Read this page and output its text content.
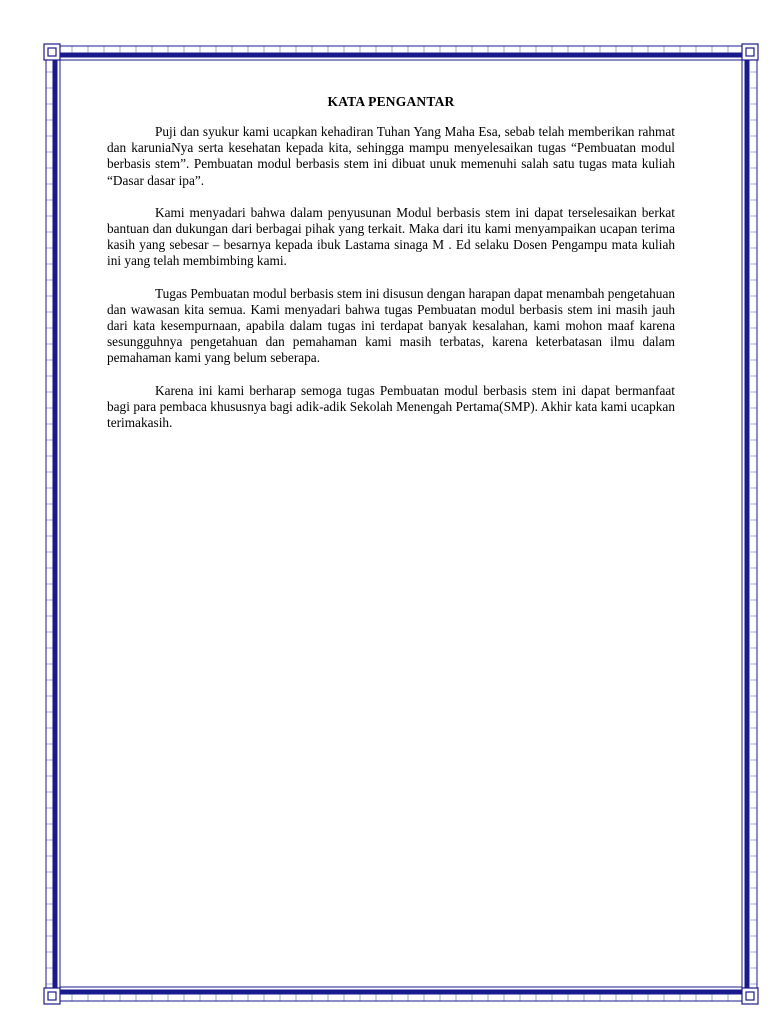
KATA PENGANTAR

Puji dan syukur kami ucapkan kehadiran Tuhan Yang Maha Esa, sebab telah memberikan rahmat dan karuniaNya serta kesehatan kepada kita, sehingga mampu menyelesaikan tugas “Pembuatan modul berbasis stem”. Pembuatan modul berbasis stem ini dibuat unuk memenuhi salah satu tugas mata kuliah “Dasar dasar ipa”.

Kami menyadari bahwa dalam penyusunan Modul berbasis stem ini dapat terselesaikan berkat bantuan dan dukungan dari berbagai pihak yang terkait. Maka dari itu kami menyampaikan ucapan terima kasih yang sebesar – besarnya kepada ibuk Lastama sinaga M . Ed selaku Dosen Pengampu mata kuliah ini yang telah membimbing kami.

Tugas Pembuatan modul berbasis stem ini disusun dengan harapan dapat menambah pengetahuan dan wawasan kita semua. Kami menyadari bahwa tugas Pembuatan modul berbasis stem ini masih jauh dari kata kesempurnaan, apabila dalam tugas ini terdapat banyak kesalahan, kami mohon maaf karena sesungguhnya pengetahuan dan pemahaman kami masih terbatas, karena keterbatasan ilmu dalam pemahaman kami yang belum seberapa.

Karena ini kami berharap semoga tugas Pembuatan modul berbasis stem ini dapat bermanfaat bagi para pembaca khususnya bagi adik-adik Sekolah Menengah Pertama(SMP). Akhir kata kami ucapkan terimakasih.
